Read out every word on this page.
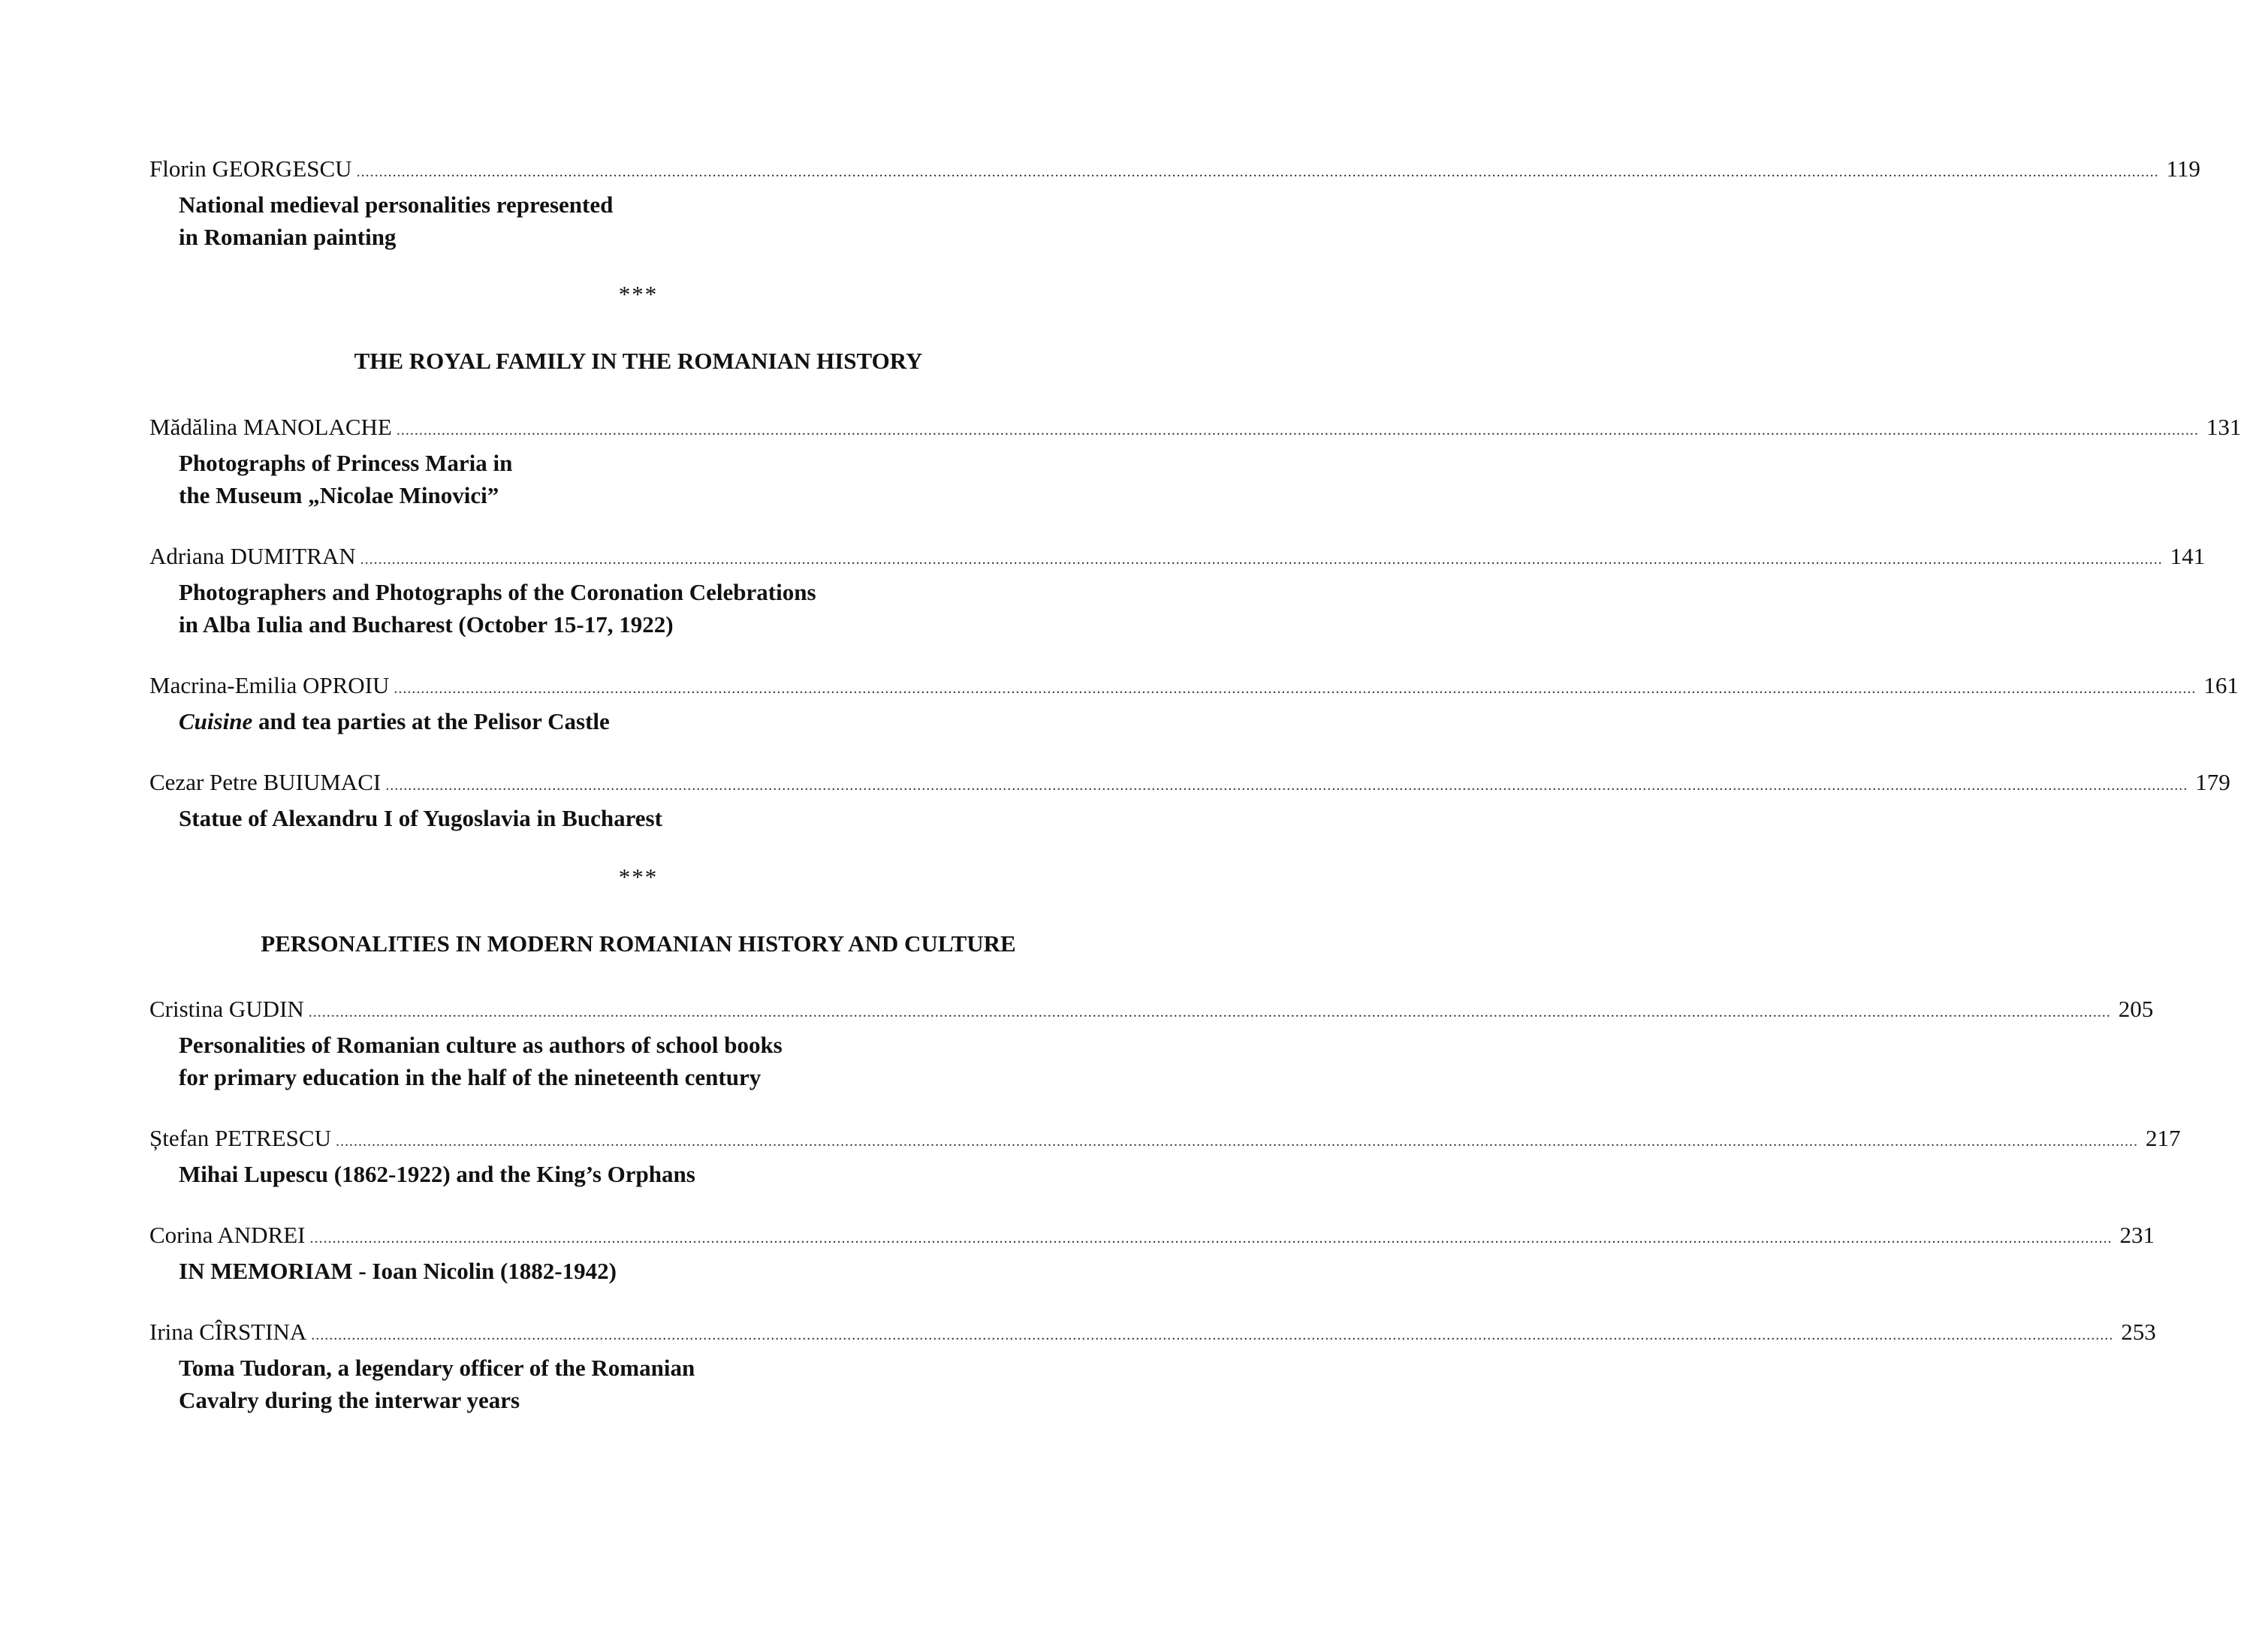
Florin GEORGESCU ................................................................................................................................................................................................................................................................................................................................................................................................................ 119
National medieval personalities represented
in Romanian painting
***
THE ROYAL FAMILY IN THE ROMANIAN HISTORY
Mădălina MANOLACHE ................................................................................................................................................................................................................................................................................................................................................................................................................ 131
Photographs of Princess Maria in
the Museum „Nicolae Minovici”
Adriana DUMITRAN ................................................................................................................................................................................................................................................................................................................................................................................................................ 141
Photographers and Photographs of the Coronation Celebrations
in Alba Iulia and Bucharest (October 15-17, 1922)
Macrina-Emilia OPROIU ................................................................................................................................................................................................................................................................................................................................................................................................................ 161
Cuisine and tea parties at the Pelisor Castle
Cezar Petre BUIUMACI ................................................................................................................................................................................................................................................................................................................................................................................................................ 179
Statue of Alexandru I of Yugoslavia in Bucharest
***
PERSONALITIES IN MODERN ROMANIAN HISTORY AND CULTURE
Cristina GUDIN ................................................................................................................................................................................................................................................................................................................................................................................................................ 205
Personalities of Romanian culture as authors of school books
for primary education in the half of the nineteenth century
Ștefan PETRESCU ................................................................................................................................................................................................................................................................................................................................................................................................................ 217
Mihai Lupescu (1862-1922) and the King’s Orphans
Corina ANDREI ................................................................................................................................................................................................................................................................................................................................................................................................................ 231
IN MEMORIAM - Ioan Nicolin (1882-1942)
Irina CÎRSTINA ................................................................................................................................................................................................................................................................................................................................................................................................................ 253
Toma Tudoran, a legendary officer of the Romanian
Cavalry during the interwar years
